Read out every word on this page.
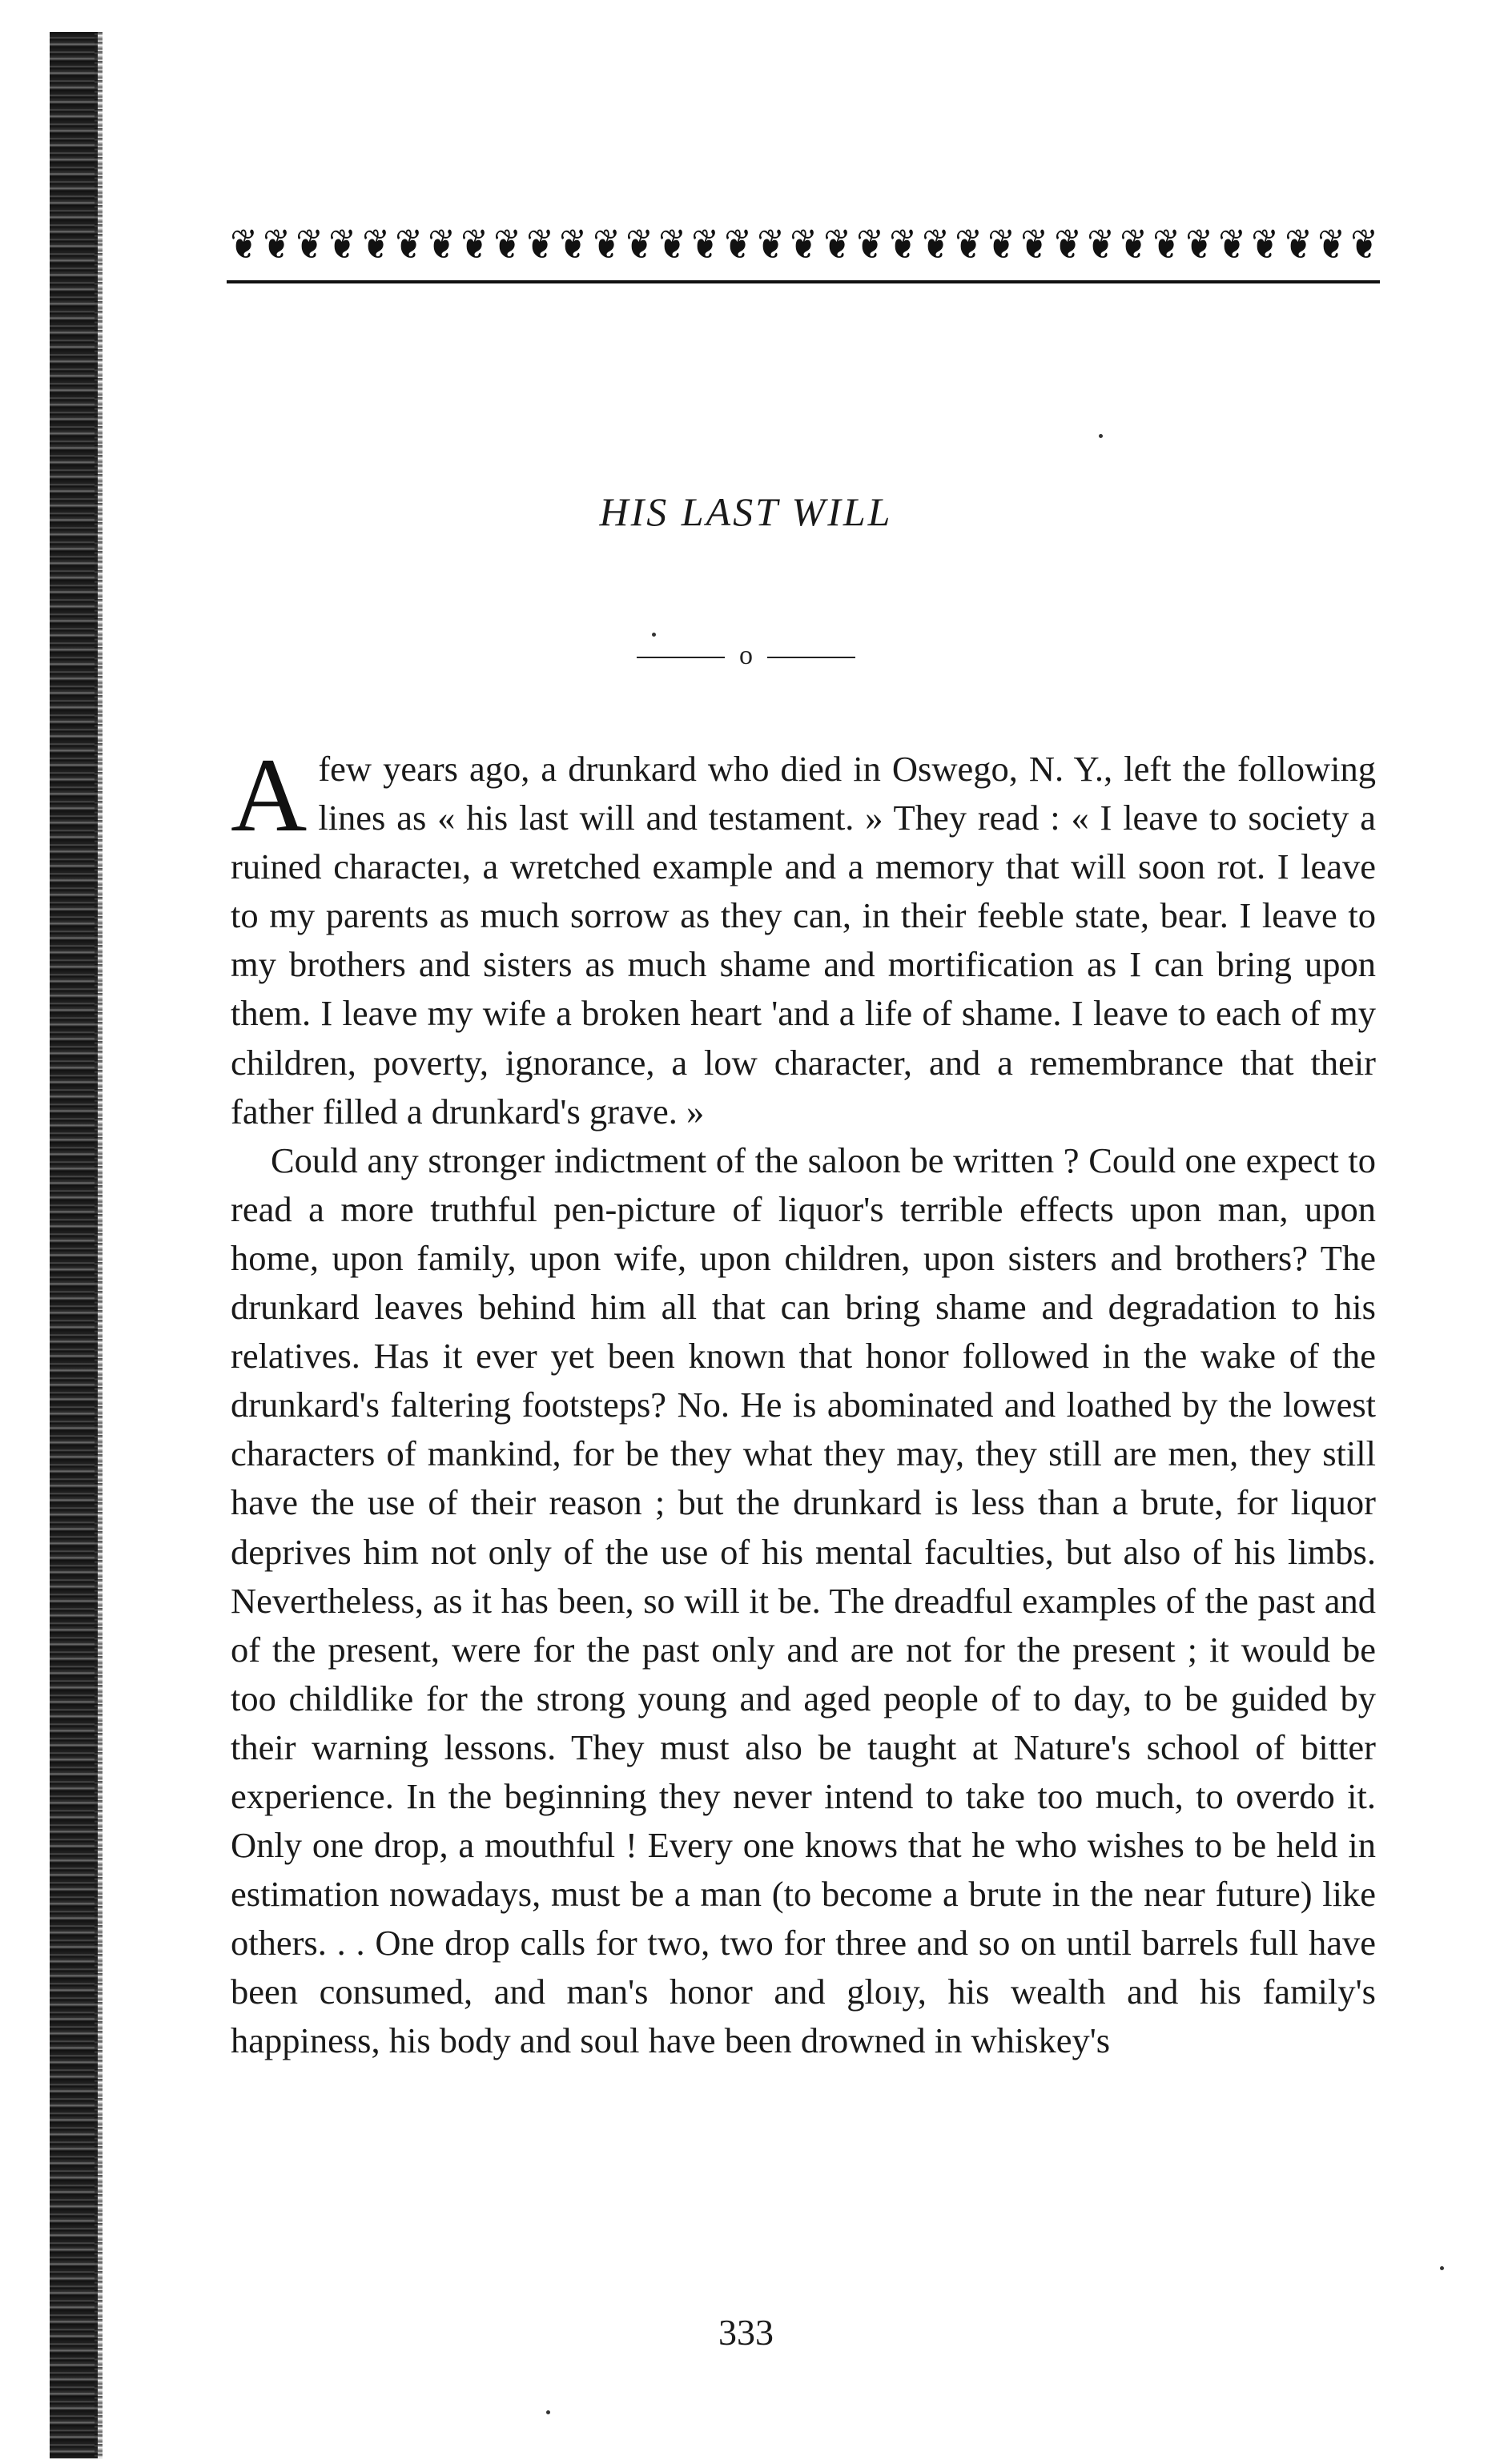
❦ ❦ ❦ ❦ ❦ ❦ ❦ ❦ ❦ ❦ ❦ ❦ ❦ ❦ ❦ ❦ ❦ ❦ ❦ ❦ ❦ ❦ ❦ ❦ ❦ ❦ ❦ ❦ ❦ ❦ ❦ ❦ ❦ ❦ ❦
HIS LAST WILL
o

A few years ago, a drunkard who died in Oswego, N. Y., left the following lines as « his last will and testament. » They read : « I leave to society a ruined characteı, a wretched example and a memory that will soon rot. I leave to my parents as much sorrow as they can, in their feeble state, bear. I leave to my brothers and sisters as much shame and mortification as I can bring upon them. I leave my wife a broken heart 'and a life of shame. I leave to each of my children, poverty, ignorance, a low character, and a remembrance that their father filled a drunkard's grave. »

Could any stronger indictment of the saloon be written ? Could one expect to read a more truthful pen-picture of liquor's terrible effects upon man, upon home, upon family, upon wife, upon children, upon sisters and brothers? The drunkard leaves behind him all that can bring shame and degradation to his relatives. Has it ever yet been known that honor followed in the wake of the drunkard's faltering footsteps? No. He is abominated and loathed by the lowest characters of mankind, for be they what they may, they still are men, they still have the use of their reason ; but the drunkard is less than a brute, for liquor deprives him not only of the use of his mental faculties, but also of his limbs. Nevertheless, as it has been, so will it be. The dreadful examples of the past and of the present, were for the past only and are not for the present ; it would be too childlike for the strong young and aged people of to day, to be guided by their warning lessons. They must also be taught at Nature's school of bitter experience. In the beginning they never intend to take too much, to overdo it. Only one drop, a mouthful ! Every one knows that he who wishes to be held in estimation nowadays, must be a man (to become a brute in the near future) like others. . . One drop calls for two, two for three and so on until barrels full have been consumed, and man's honor and gloıy, his wealth and his family's happiness, his body and soul have been drowned in whiskey's

333
